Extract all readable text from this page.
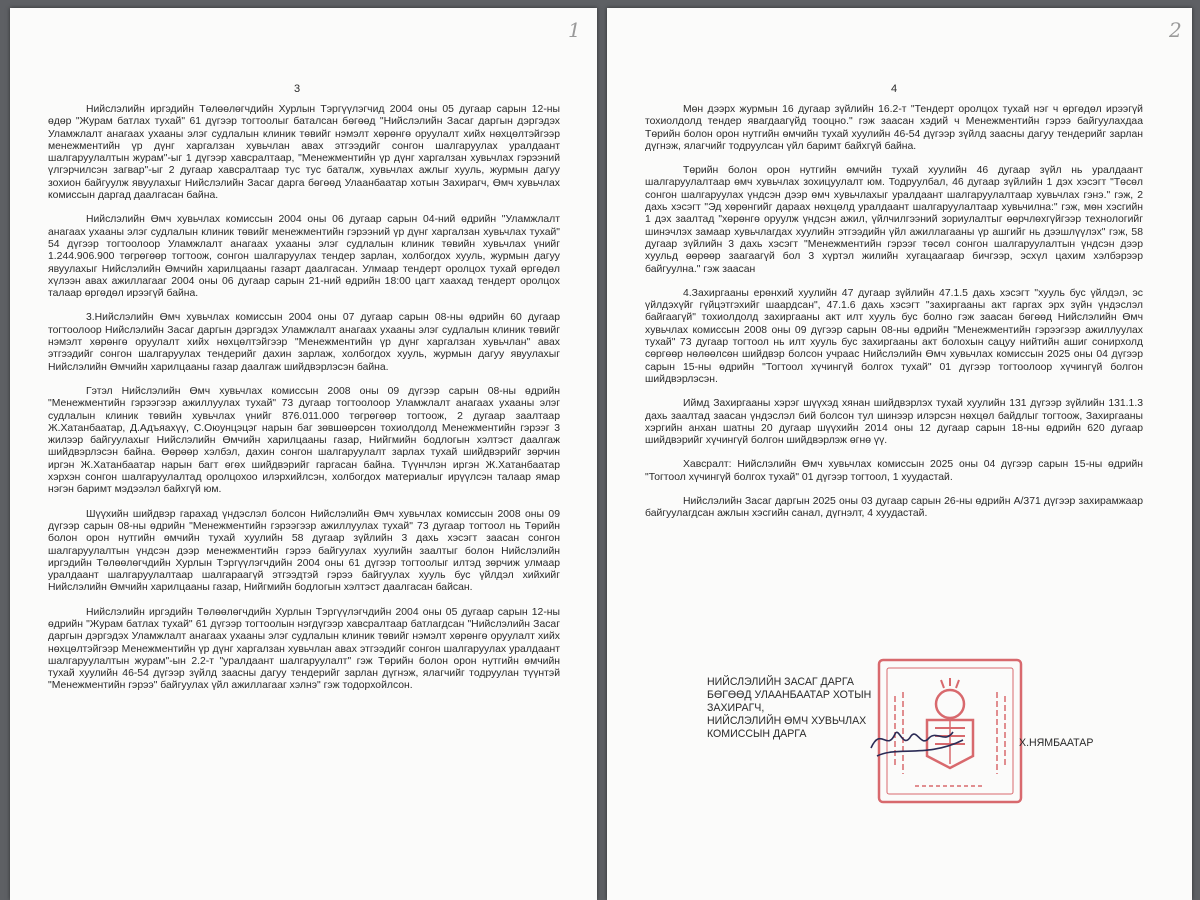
1
3

Нийслэлийн иргэдийн Төлөөлөгчдийн Хурлын Тэргүүлэгчид 2004 оны 05 дугаар сарын 12-ны өдөр "Журам батлах тухай" 61 дүгээр тогтоолыг баталсан бөгөөд "Нийслэлийн Засаг даргын дэргэдэх Уламжлалт анагаах ухааны элэг судлалын клиник төвийг нэмэлт хөрөнгө оруулалт хийх нөхцөлтэйгээр менежментийн үр дүнг харгалзан хувьчлан авах этгээдийг сонгон шалгаруулах уралдаант шалгаруулалтын журам"-ыг 1 дүгээр хавсралтаар, "Менежментийн үр дүнг харгалзан хувьчлах гэрээний үлгэрчилсэн загвар"-ыг 2 дугаар хавсралтаар тус тус баталж, хувьчлах ажлыг хууль, журмын дагуу зохион байгуулж явуулахыг Нийслэлийн Засаг дарга бөгөөд Улаанбаатар хотын Захирагч, Өмч хувьчлах комиссын даргад даалгасан байна.

Нийслэлийн Өмч хувьчлах комиссын 2004 оны 06 дугаар сарын 04-ний өдрийн "Уламжлалт анагаах ухааны элэг судлалын клиник төвийг менежментийн гэрээний үр дүнг харгалзан хувьчлах тухай" 54 дүгээр тогтоолоор Уламжлалт анагаах ухааны элэг судлалын клиник төвийн хувьчлах үнийг 1.244.906.900 төгрөгөөр тогтоож, сонгон шалгаруулах тендер зарлан, холбогдох хууль, журмын дагуу явуулахыг Нийслэлийн Өмчийн харилцааны газарт даалгасан. Улмаар тендерт оролцох тухай өргөдөл хүлээн авах ажиллагааг 2004 оны 06 дугаар сарын 21-ний өдрийн 18:00 цагт хаахад тендерт оролцох талаар өргөдөл ирээгүй байна.

3.Нийслэлийн Өмч хувьчлах комиссын 2004 оны 07 дугаар сарын 08-ны өдрийн 60 дугаар тогтоолоор Нийслэлийн Засаг даргын дэргэдэх Уламжлалт анагаах ухааны элэг судлалын клиник төвийг нэмэлт хөрөнгө оруулалт хийх нөхцөлтэйгээр "Менежментийн үр дүнг харгалзан хувьчлан" авах этгээдийг сонгон шалгаруулах тендерийг дахин зарлаж, холбогдох хууль, журмын дагуу явуулахыг Нийслэлийн Өмчийн харилцааны газар даалгаж шийдвэрлэсэн байна.

Гэтэл Нийслэлийн Өмч хувьчлах комиссын 2008 оны 09 дүгээр сарын 08-ны өдрийн "Менежментийн гэрээгээр ажиллуулах тухай" 73 дугаар тогтоолоор Уламжлалт анагаах ухааны элэг судлалын клиник төвийн хувьчлах үнийг 876.011.000 төгрөгөөр тогтоож, 2 дугаар заалтаар Ж.Хатанбаатар, Д.Адъяахүү, С.Оюунцэцэг нарын бaг зөвшөөрсөн тохиолдолд Менежментийн гэрээг 3 жилээр байгуулахыг Нийслэлийн Өмчийн харилцааны газар, Нийгмийн бодлогын хэлтэст даалгаж шийдвэрлэсэн байна. Өөрөөр хэлбэл, дахин сонгон шалгаруулалт зарлах тухай шийдвэрийг зөрчин иргэн Ж.Хатанбаатар нарын багт өгөх шийдвэрийг гаргасан байна. Түүнчлэн иргэн Ж.Хатанбаатар хэрхэн сонгон шалгаруулалтад оролцохоо илэрхийлсэн, холбогдох материалыг ирүүлсэн талаар ямар нэгэн баримт мэдээлэл байхгүй юм.

Шүүхийн шийдвэр гарахад үндэслэл болсон Нийслэлийн Өмч хувьчлах комиссын 2008 оны 09 дүгээр сарын 08-ны өдрийн "Менежментийн гэрээгээр ажиллуулах тухай" 73 дугаар тогтоол нь Төрийн болон орон нутгийн өмчийн тухай хуулийн 58 дугаар зүйлийн 3 дахь хэсэгт заасан сонгон шалгаруулалтын үндсэн дээр менежментийн гэрээ байгуулах хуулийн заалтыг болон Нийслэлийн иргэдийн Төлөөлөгчдийн Хурлын Тэргүүлэгчдийн 2004 оны 61 дүгээр тогтоолыг илтэд зөрчиж улмаар уралдаант шалгаруулалтаар шалгараагүй этгээдтэй гэрээ байгуулах хууль бус үйлдэл хийхийг Нийслэлийн Өмчийн харилцааны газар, Нийгмийн бодлогын хэлтэст даалгасан байсан.

Нийслэлийн иргэдийн Төлөөлөгчдийн Хурлын Тэргүүлэгчдийн 2004 оны 05 дугаар сарын 12-ны өдрийн "Журам батлах тухай" 61 дүгээр тогтоолын нэгдүгээр хавсралтаар батлагдсан "Нийслэлийн Засаг даргын дэргэдэх Уламжлалт анагаах ухааны элэг судлалын клиник төвийг нэмэлт хөрөнгө оруулалт хийх нөхцөлтэйгээр Менежментийн үр дүнг харгалзан хувьчлан авах этгээдийг сонгон шалгаруулах уралдаант шалгаруулалтын журам"-ын 2.2-т "уралдаант шалгаруулалт" гэж Төрийн болон орон нутгийн өмчийн тухай хуулийн 46-54 дүгээр зүйлд заасны дагуу тендерийг зарлан дүгнэж, ялагчийг тодруулан түүнтэй "Менежментийн гэрээ" байгуулах үйл ажиллагааг хэлнэ" гэж тодорхойлсон.

2
4

Мөн дээрх журмын 16 дугаар зүйлийн 16.2-т "Тендерт оролцох тухай нэг ч өргөдөл ирээгүй тохиолдолд тендер явагдаагүйд тооцно." гэж заасан хэдий ч Менежментийн гэрээ байгуулахдаа Төрийн болон орон нутгийн өмчийн тухай хуулийн 46-54 дүгээр зүйлд заасны дагуу тендерийг зарлан дүгнэж, ялагчийг тодруулсан үйл баримт байхгүй байна.

Төрийн болон орон нутгийн өмчийн тухай хуулийн 46 дугаар зүйл нь уралдаант шалгаруулалтаар өмч хувьчлах зохицуулалт юм. Тодруулбал, 46 дугаар зүйлийн 1 дэх хэсэгт "Төсөл сонгон шалгаруулах үндсэн дээр өмч хувьчлахыг уралдаант шалгаруулалтаар хувьчлах гэнэ." гэж, 2 дахь хэсэгт "Эд хөрөнгийг дараах нөхцөлд уралдаант шалгаруулалтаар хувьчилна:" гэж, мөн хэсгийн 1 дэх заалтад "хөрөнгө оруулж үндсэн ажил, үйлчилгээний зориулалтыг өөрчлөхгүйгээр технологийг шинэчлэх замаар хувьчлагдах хуулийн этгээдийн үйл ажиллагааны үр ашгийг нь дээшлүүлэх" гэж, 58 дугаар зүйлийн 3 дахь хэсэгт "Менежментийн гэрээг төсөл сонгон шалгаруулалтын үндсэн дээр хуульд өөрөөр заагаагүй бол 3 хүртэл жилийн хугацаагаар бичгээр, эсхүл цахим хэлбэрээр байгуулна." гэж заасан

4.Захиргааны ерөнхий хуулийн 47 дугаар зүйлийн 47.1.5 дахь хэсэгт "хууль бус үйлдэл, эс үйлдэхүйг гүйцэтгэхийг шаардсан", 47.1.6 дахь хэсэгт "захиргааны акт гаргах эрх зүйн үндэслэл байгаагүй" тохиолдолд захиргааны акт илт хууль бус болно гэж заасан бөгөөд Нийслэлийн Өмч хувьчлах комиссын 2008 оны 09 дүгээр сарын 08-ны өдрийн "Менежментийн гэрээгээр ажиллуулах тухай" 73 дугаар тогтоол нь илт хууль бус захиргааны акт болохын сацуу нийтийн ашиг сонирхолд сөргөөр нөлөөлсөн шийдвэр болсон учраас Нийслэлийн Өмч хувьчлах комиссын 2025 оны 04 дүгээр сарын 15-ны өдрийн "Тогтоол хүчингүй болгох тухай" 01 дүгээр тогтоолоор хүчингүй болгон шийдвэрлэсэн.

Иймд Захиргааны хэрэг шүүхэд хянан шийдвэрлэх тухай хуулийн 131 дүгээр зүйлийн 131.1.3 дахь заалтад заасан үндэслэл бий болсон тул шинээр илэрсэн нөхцөл байдлыг тогтоож, Захиргааны хэргийн анхан шатны 20 дугаар шүүхийн 2014 оны 12 дугаар сарын 18-ны өдрийн 620 дугаар шийдвэрийг хүчингүй болгон шийдвэрлэж өгнө үү.

Хавсралт: Нийслэлийн Өмч хувьчлах комиссын 2025 оны 04 дүгээр сарын 15-ны өдрийн "Тогтоол хүчингүй болгох тухай" 01 дүгээр тогтоол, 1 хуудастай.

Нийслэлийн Засаг даргын 2025 оны 03 дугаар сарын 26-ны өдрийн А/371 дүгээр захирамжаар байгуулагдсан ажлын хэсгийн санал, дүгнэлт, 4 хуудастай.

НИЙСЛЭЛИЙН ЗАСАГ ДАРГА
БӨГӨӨД УЛААНБААТАР ХОТЫН
ЗАХИРАГЧ,
НИЙСЛЭЛИЙН ӨМЧ ХУВЬЧЛАХ
КОМИССЫН ДАРГА

Х.НЯМБААТАР
